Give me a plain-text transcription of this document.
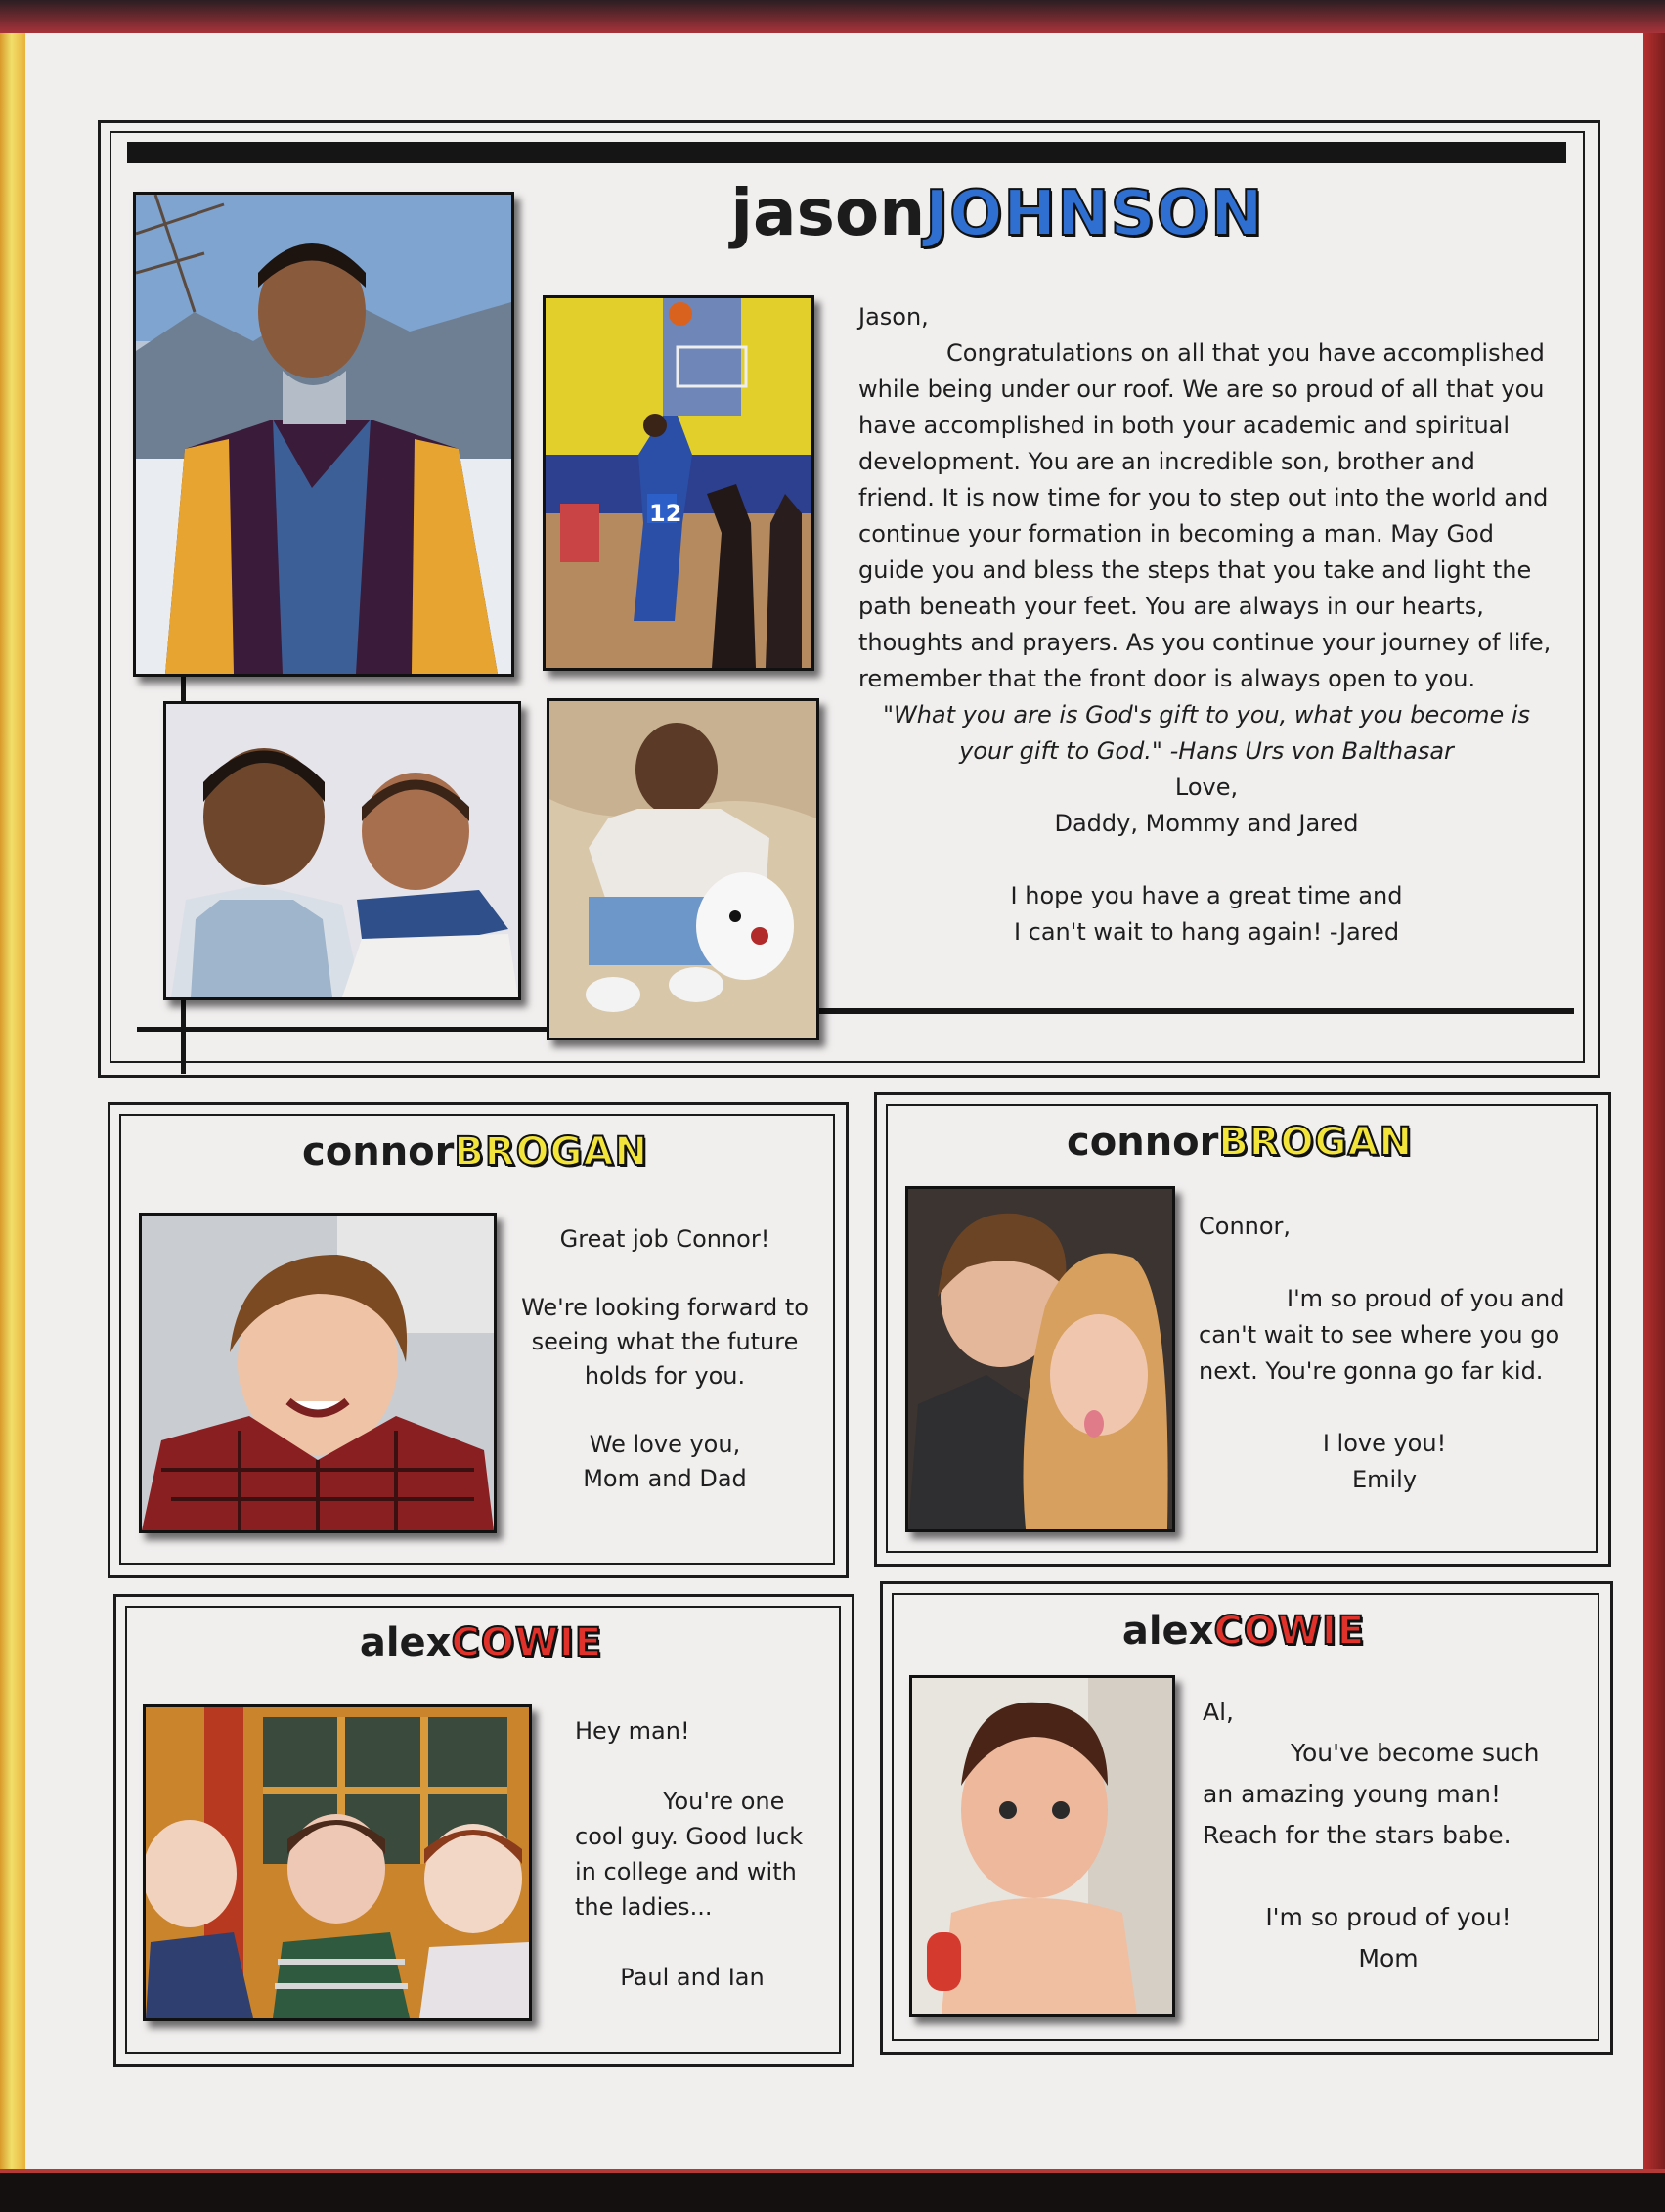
jasonJOHNSON
12

Jason,

Congratulations on all that you have accomplished while being under our roof. We are so proud of all that you have accomplished in both your academic and spiritual development. You are an incredible son, brother and friend. It is now time for you to step out into the world and continue your formation in becoming a man. May God guide you and bless the steps that you take and light the path beneath your feet. You are always in our hearts, thoughts and prayers. As you continue your journey of life, remember that the front door is always open to you.

"What you are is God's gift to you, what you become is your gift to God." -Hans Urs von Balthasar

Love,

Daddy, Mommy and Jared

I hope you have a great time and

I can't wait to hang again! -Jared

connorBROGAN

Great job Connor!

We're looking forward to seeing what the future holds for you.

We love you,

Mom and Dad

connorBROGAN

Connor,

I'm so proud of you and can't wait to see where you go next. You're gonna go far kid.

I love you!

Emily

alexCOWIE

Hey man!

You're one cool guy. Good luck in college and with the ladies...

Paul and Ian

alexCOWIE

Al,

You've become such an amazing young man! Reach for the stars babe.

I'm so proud of you!

Mom
